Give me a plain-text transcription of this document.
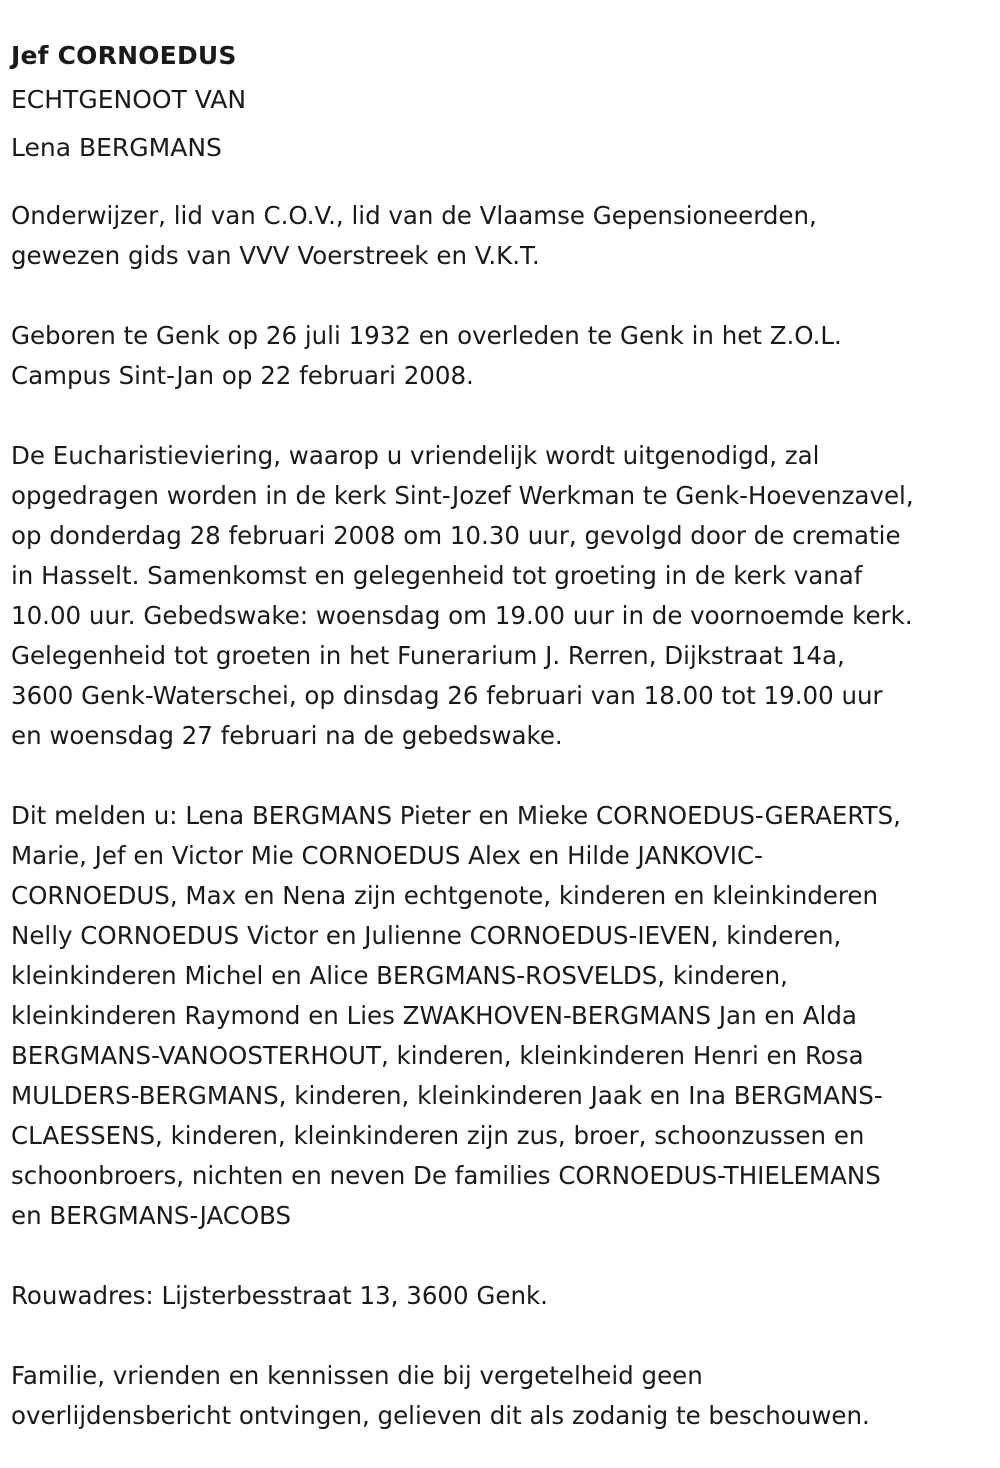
Jef CORNOEDUS

ECHTGENOOT VAN

Lena BERGMANS

Onderwijzer, lid van C.O.V., lid van de Vlaamse Gepensioneerden,
gewezen gids van VVV Voerstreek en V.K.T.

Geboren te Genk op 26 juli 1932 en overleden te Genk in het Z.O.L.
Campus Sint-Jan op 22 februari 2008.

De Eucharistieviering, waarop u vriendelijk wordt uitgenodigd, zal
opgedragen worden in de kerk Sint-Jozef Werkman te Genk-Hoevenzavel,
op donderdag 28 februari 2008 om 10.30 uur, gevolgd door de crematie
in Hasselt. Samenkomst en gelegenheid tot groeting in de kerk vanaf
10.00 uur. Gebedswake: woensdag om 19.00 uur in de voornoemde kerk.
Gelegenheid tot groeten in het Funerarium J. Rerren, Dijkstraat 14a,
3600 Genk-Waterschei, op dinsdag 26 februari van 18.00 tot 19.00 uur
en woensdag 27 februari na de gebedswake.

Dit melden u: Lena BERGMANS Pieter en Mieke CORNOEDUS-GERAERTS,
Marie, Jef en Victor Mie CORNOEDUS Alex en Hilde JANKOVIC-
CORNOEDUS, Max en Nena zijn echtgenote, kinderen en kleinkinderen
Nelly CORNOEDUS Victor en Julienne CORNOEDUS-IEVEN, kinderen,
kleinkinderen Michel en Alice BERGMANS-ROSVELDS, kinderen,
kleinkinderen Raymond en Lies ZWAKHOVEN-BERGMANS Jan en Alda
BERGMANS-VANOOSTERHOUT, kinderen, kleinkinderen Henri en Rosa
MULDERS-BERGMANS, kinderen, kleinkinderen Jaak en Ina BERGMANS-
CLAESSENS, kinderen, kleinkinderen zijn zus, broer, schoonzussen en
schoonbroers, nichten en neven De families CORNOEDUS-THIELEMANS
en BERGMANS-JACOBS

Rouwadres: Lijsterbesstraat 13, 3600 Genk.

Familie, vrienden en kennissen die bij vergetelheid geen
overlijdensbericht ontvingen, gelieven dit als zodanig te beschouwen.
